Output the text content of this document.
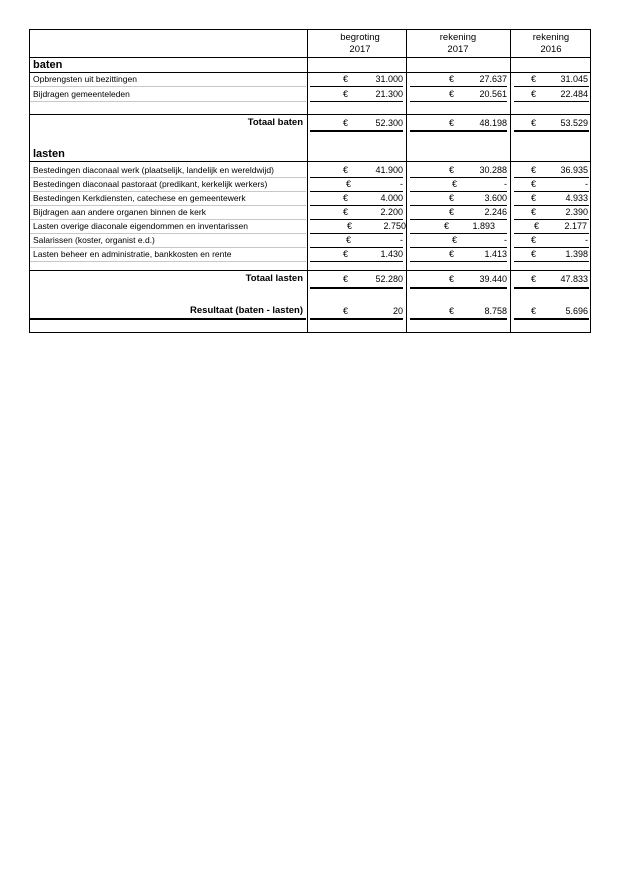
begroting
2017
rekening
2017
rekening
2016
baten
Opbrengsten uit bezittingen	€	31.000	€	27.637	€	31.045
Bijdragen gemeenteleden	€	21.300	€	20.561	€	22.484
Totaal baten	€	52.300	€	48.198	€	53.529
lasten
Bestedingen diaconaal werk (plaatselijk, landelijk en wereldwijd)	€	41.900	€	30.288	€	36.935
Bestedingen diaconaal pastoraat (predikant, kerkelijk werkers)	€	-	€	-	€	-
Bestedingen Kerkdiensten, catechese en gemeentewerk	€	4.000	€	3.600	€	4.933
Bijdragen aan andere organen binnen de kerk	€	2.200	€	2.246	€	2.390
Lasten overige diaconale eigendommen en inventarissen	€	2.750	€	1.893	€	2.177
Salarissen (koster, organist e.d.)	€	-	€	-	€	-
Lasten beheer en administratie, bankkosten en rente	€	1.430	€	1.413	€	1.398
Totaal lasten	€	52.280	€	39.440	€	47.833
Resultaat (baten - lasten)	€	20	€	8.758	€	5.696
